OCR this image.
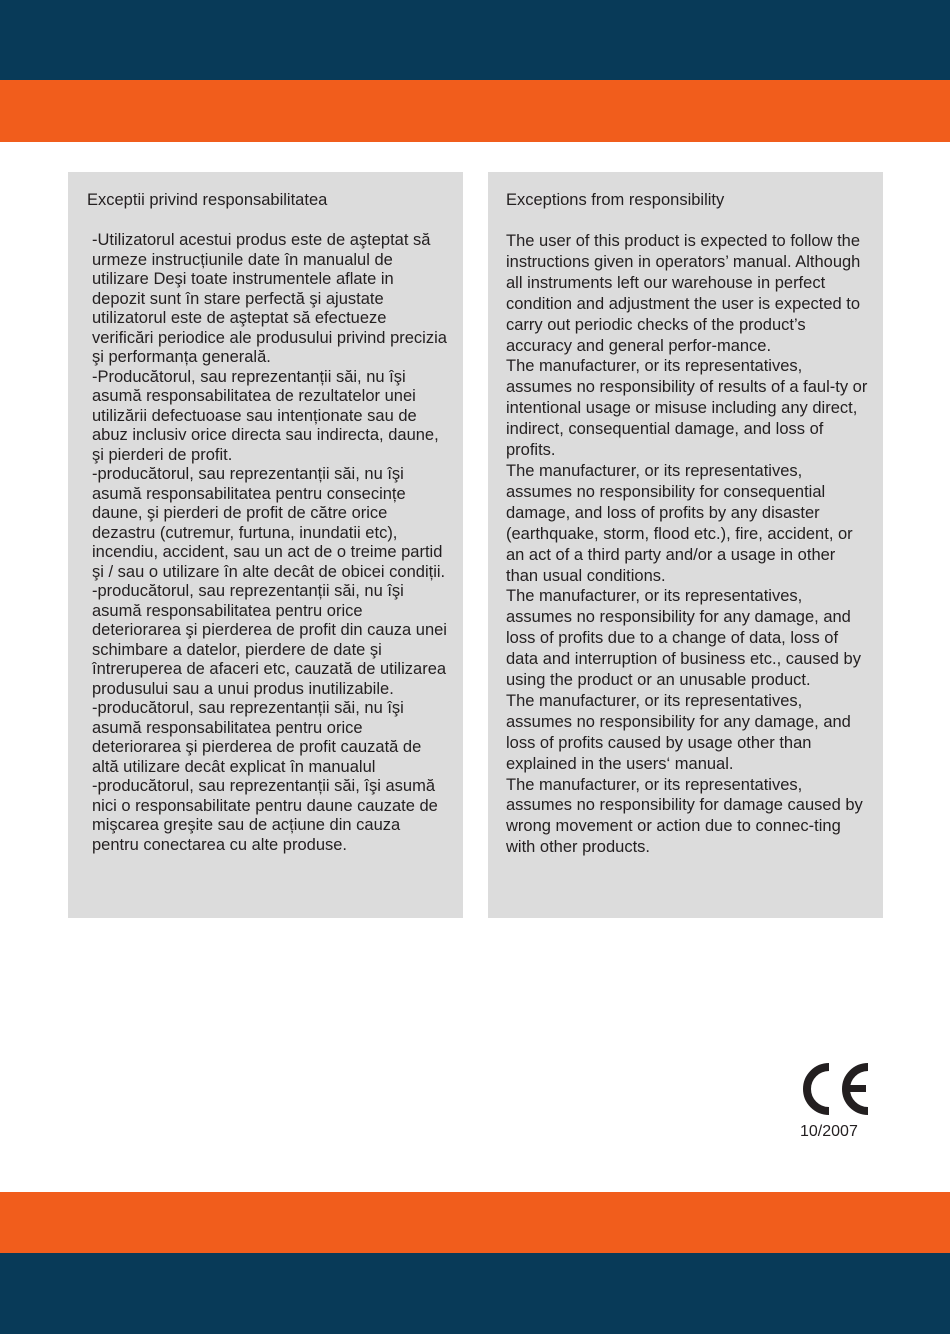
Exceptii privind responsabilitatea

-Utilizatorul acestui produs este de aşteptat să urmeze instrucțiunile date în manualul de utilizare Deşi toate instrumentele aflate in depozit sunt în stare perfectă şi ajustate utilizatorul este de aşteptat să efectueze verificări periodice ale produsului privind precizia şi performanța generală.

-Producătorul, sau reprezentanții săi, nu îşi asumă responsabilitatea de rezultatelor unei utilizării defectuoase sau intenționate sau de abuz inclusiv orice directa sau indirecta, daune, şi pierderi de profit.

-producătorul, sau reprezentanții săi, nu îşi asumă responsabilitatea pentru consecințe daune, şi pierderi de profit de către orice dezastru (cutremur, furtuna, inundatii etc), incendiu, accident, sau un act de o treime partid şi / sau o utilizare în alte decât de obicei condiții.

-producătorul, sau reprezentanții săi, nu îşi asumă responsabilitatea pentru orice deteriorarea şi pierderea de profit din cauza unei schimbare a datelor, pierdere de date şi întreruperea de afaceri etc, cauzată de utilizarea produsului sau a unui produs inutilizabile.

-producătorul, sau reprezentanții săi, nu îşi asumă responsabilitatea pentru orice deteriorarea şi pierderea de profit cauzată de altă utilizare decât explicat în manualul

-producătorul, sau reprezentanții săi, îşi asumă nici o responsabilitate pentru daune cauzate de mişcarea greşite sau de acțiune din cauza pentru conectarea cu alte produse.

Exceptions from responsibility

The user of this product is expected to follow the instructions given in operators’ manual. Although all instruments left our warehouse in perfect condition and adjustment the user is expected to carry out periodic checks of the product’s accuracy and general perfor-mance.

The manufacturer, or its representatives, assumes no responsibility of results of a faul-ty or intentional usage or misuse including any direct, indirect, consequential damage, and loss of profits.

The manufacturer, or its representatives, assumes no responsibility for consequential damage, and loss of profits by any disaster (earthquake, storm, flood etc.), fire, accident, or an act of a third party and/or a usage in other than usual conditions.

The manufacturer, or its representatives, assumes no responsibility for any damage, and loss of profits due to a change of data, loss of data and interruption of business etc., caused by using the product or an unusable product.

The manufacturer, or its representatives, assumes no responsibility for any damage, and loss of profits caused by usage other than explained in the users‘ manual.

The manufacturer, or its representatives, assumes no responsibility for damage caused by wrong movement or action due to connec-ting with other products.

10/2007
